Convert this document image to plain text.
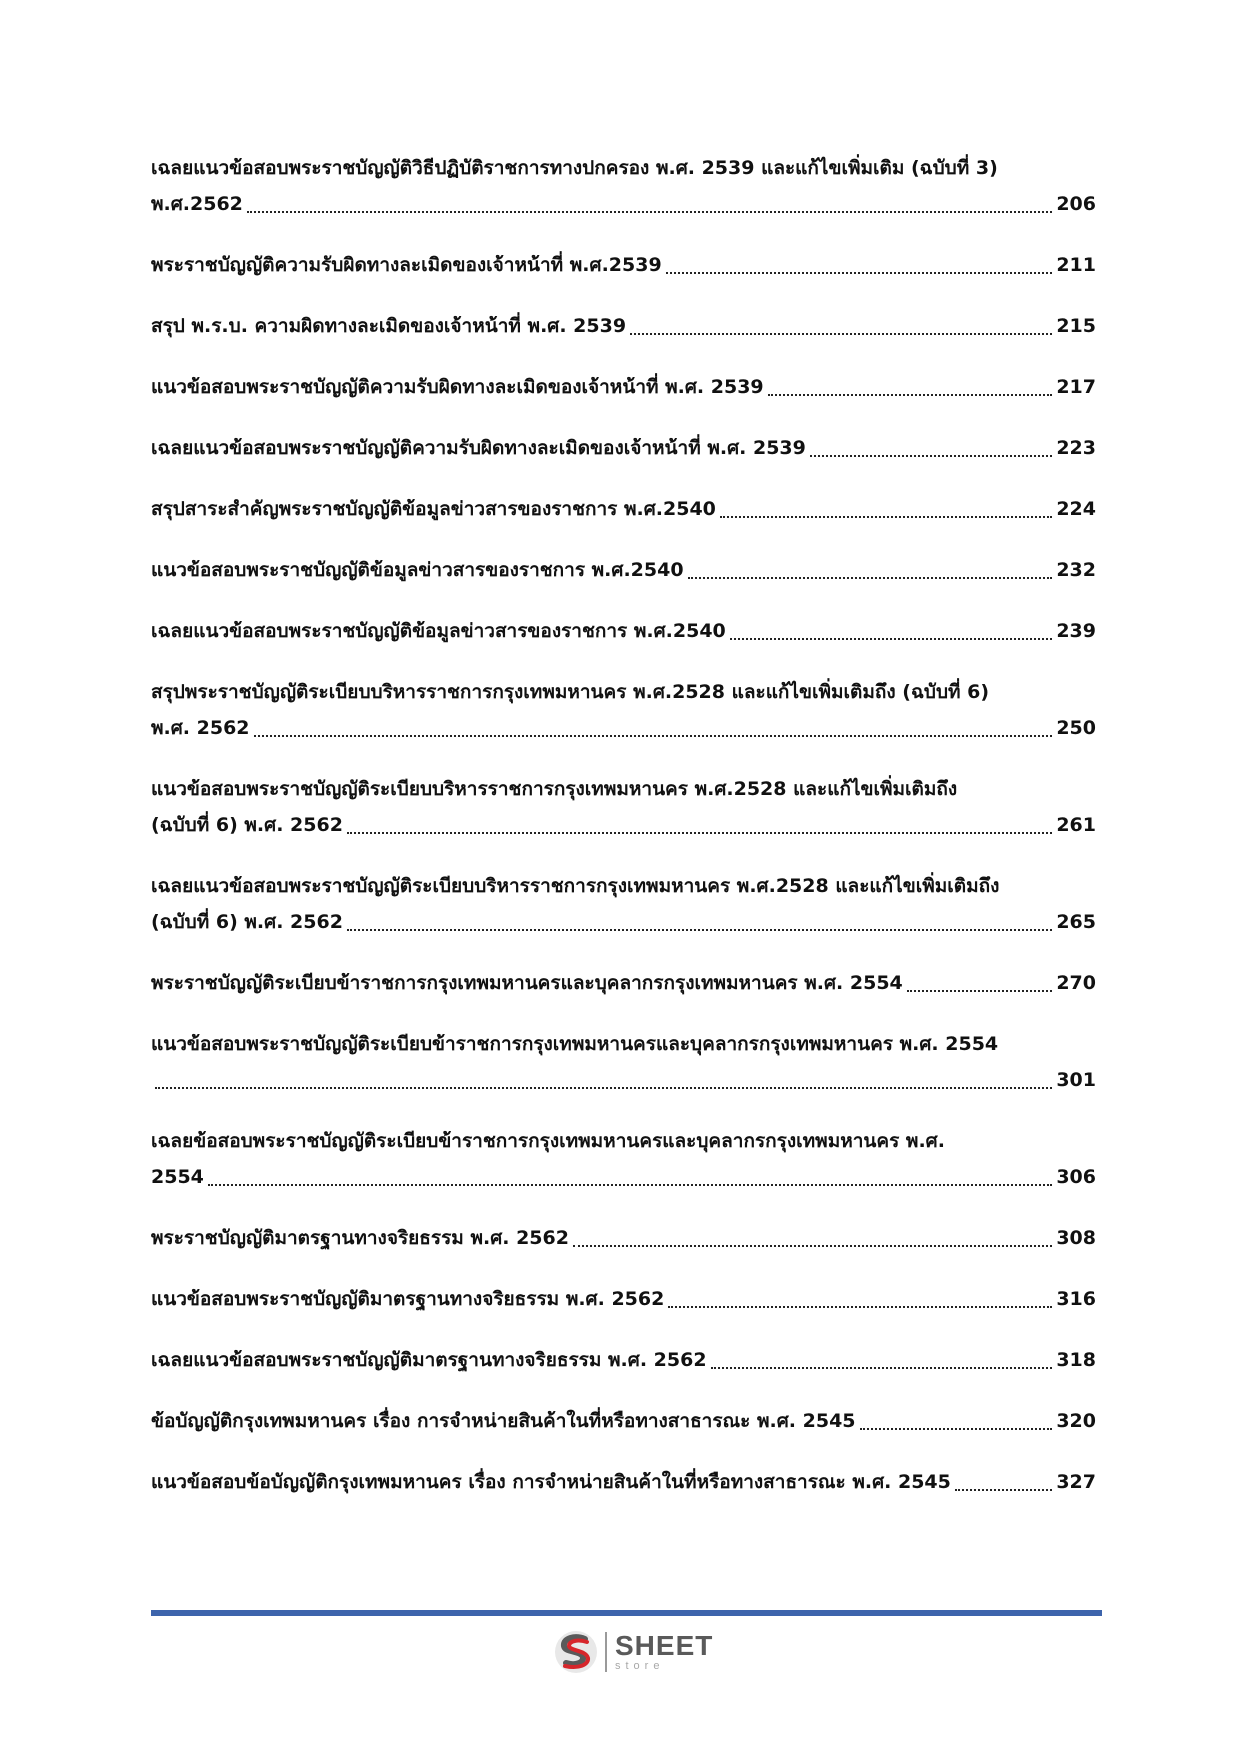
เฉลยแนวข้อสอบพระราชบัญญัติวิธีปฏิบัติราชการทางปกครอง พ.ศ. 2539 และแก้ไขเพิ่มเติม (ฉบับที่ 3)
พ.ศ.2562	206
พระราชบัญญัติความรับผิดทางละเมิดของเจ้าหน้าที่ พ.ศ.2539	211
สรุป พ.ร.บ. ความผิดทางละเมิดของเจ้าหน้าที่ พ.ศ. 2539	215
แนวข้อสอบพระราชบัญญัติความรับผิดทางละเมิดของเจ้าหน้าที่ พ.ศ. 2539	217
เฉลยแนวข้อสอบพระราชบัญญัติความรับผิดทางละเมิดของเจ้าหน้าที่ พ.ศ. 2539	223
สรุปสาระสำคัญพระราชบัญญัติข้อมูลข่าวสารของราชการ พ.ศ.2540	224
แนวข้อสอบพระราชบัญญัติข้อมูลข่าวสารของราชการ พ.ศ.2540	232
เฉลยแนวข้อสอบพระราชบัญญัติข้อมูลข่าวสารของราชการ พ.ศ.2540	239
สรุปพระราชบัญญัติระเบียบบริหารราชการกรุงเทพมหานคร พ.ศ.2528 และแก้ไขเพิ่มเติมถึง (ฉบับที่ 6)
พ.ศ. 2562	250
แนวข้อสอบพระราชบัญญัติระเบียบบริหารราชการกรุงเทพมหานคร พ.ศ.2528 และแก้ไขเพิ่มเติมถึง
(ฉบับที่ 6) พ.ศ. 2562	261
เฉลยแนวข้อสอบพระราชบัญญัติระเบียบบริหารราชการกรุงเทพมหานคร พ.ศ.2528 และแก้ไขเพิ่มเติมถึง
(ฉบับที่ 6) พ.ศ. 2562	265
พระราชบัญญัติระเบียบข้าราชการกรุงเทพมหานครและบุคลากรกรุงเทพมหานคร พ.ศ. 2554	270
แนวข้อสอบพระราชบัญญัติระเบียบข้าราชการกรุงเทพมหานครและบุคลากรกรุงเทพมหานคร พ.ศ. 2554
301
เฉลยข้อสอบพระราชบัญญัติระเบียบข้าราชการกรุงเทพมหานครและบุคลากรกรุงเทพมหานคร พ.ศ.
2554	306
พระราชบัญญัติมาตรฐานทางจริยธรรม พ.ศ. 2562	308
แนวข้อสอบพระราชบัญญัติมาตรฐานทางจริยธรรม พ.ศ. 2562	316
เฉลยแนวข้อสอบพระราชบัญญัติมาตรฐานทางจริยธรรม พ.ศ. 2562	318
ข้อบัญญัติกรุงเทพมหานคร เรื่อง การจำหน่ายสินค้าในที่หรือทางสาธารณะ พ.ศ. 2545	320
แนวข้อสอบข้อบัญญัติกรุงเทพมหานคร เรื่อง การจำหน่ายสินค้าในที่หรือทางสาธารณะ พ.ศ. 2545	327
SHEET
store
